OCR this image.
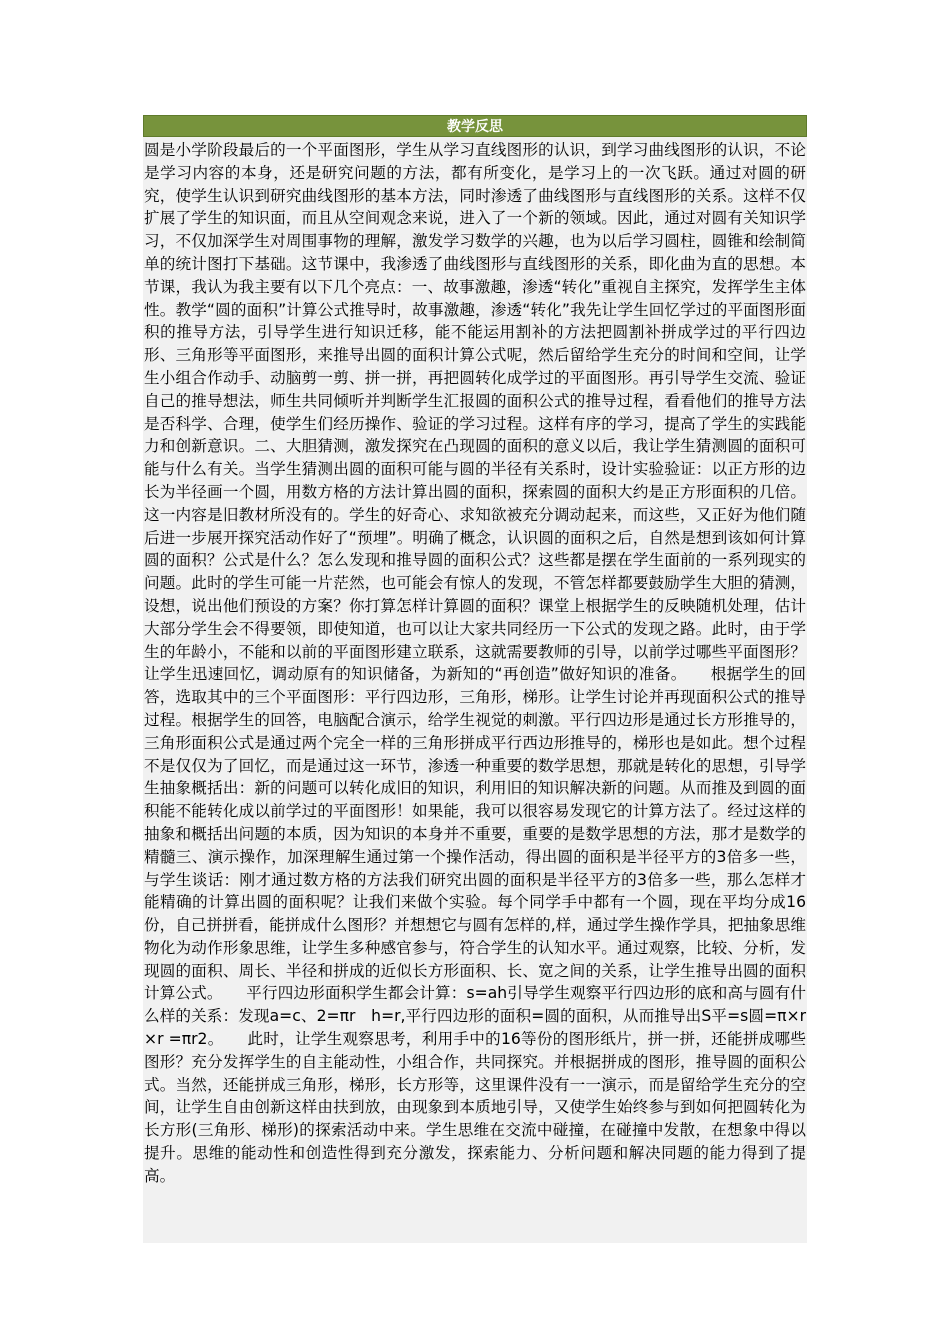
教学反思

圆是小学阶段最后的一个平面图形，学生从学习直线图形的认识，到学习曲线图形的认识，不论是学习内容的本身，还是研究问题的方法，都有所变化，是学习上的一次飞跃。通过对圆的研究，使学生认识到研究曲线图形的基本方法，同时渗透了曲线图形与直线图形的关系。这样不仅扩展了学生的知识面，而且从空间观念来说，进入了一个新的领域。因此，通过对圆有关知识学习，不仅加深学生对周围事物的理解，激发学习数学的兴趣，也为以后学习圆柱，圆锥和绘制简单的统计图打下基础。这节课中，我渗透了曲线图形与直线图形的关系，即化曲为直的思想。本节课，我认为我主要有以下几个亮点：一、故事激趣，渗透“转化”重视自主探究，发挥学生主体性。教学“圆的面积”计算公式推导时，故事激趣，渗透“转化”我先让学生回忆学过的平面图形面积的推导方法，引导学生进行知识迁移，能不能运用割补的方法把圆割补拼成学过的平行四边形、三角形等平面图形，来推导出圆的面积计算公式呢，然后留给学生充分的时间和空间，让学生小组合作动手、动脑剪一剪、拼一拼，再把圆转化成学过的平面图形。再引导学生交流、验证自己的推导想法，师生共同倾听并判断学生汇报圆的面积公式的推导过程，看看他们的推导方法是否科学、合理，使学生们经历操作、验证的学习过程。这样有序的学习，提高了学生的实践能力和创新意识。二、大胆猜测，激发探究在凸现圆的面积的意义以后，我让学生猜测圆的面积可能与什么有关。当学生猜测出圆的面积可能与圆的半径有关系时，设计实验验证：以正方形的边长为半径画一个圆，用数方格的方法计算出圆的面积，探索圆的面积大约是正方形面积的几倍。这一内容是旧教材所没有的。学生的好奇心、求知欲被充分调动起来，而这些，又正好为他们随后进一步展开探究活动作好了“预埋”。明确了概念，认识圆的面积之后，自然是想到该如何计算圆的面积？公式是什么？怎么发现和推导圆的面积公式？这些都是摆在学生面前的一系列现实的问题。此时的学生可能一片茫然，也可能会有惊人的发现，不管怎样都要鼓励学生大胆的猜测，设想，说出他们预设的方案？你打算怎样计算圆的面积？课堂上根据学生的反映随机处理，估计大部分学生会不得要领，即使知道，也可以让大家共同经历一下公式的发现之路。此时，由于学生的年龄小，不能和以前的平面图形建立联系，这就需要教师的引导，以前学过哪些平面图形？让学生迅速回忆，调动原有的知识储备，为新知的“再创造”做好知识的准备。　　根据学生的回答，选取其中的三个平面图形：平行四边形，三角形，梯形。让学生讨论并再现面积公式的推导过程。根据学生的回答，电脑配合演示，给学生视觉的刺激。平行四边形是通过长方形推导的，三角形面积公式是通过两个完全一样的三角形拼成平行西边形推导的，梯形也是如此。想个过程不是仅仅为了回忆，而是通过这一环节，渗透一种重要的数学思想，那就是转化的思想，引导学生抽象概括出：新的问题可以转化成旧的知识，利用旧的知识解决新的问题。从而推及到圆的面积能不能转化成以前学过的平面图形！如果能，我可以很容易发现它的计算方法了。经过这样的抽象和概括出问题的本质，因为知识的本身并不重要，重要的是数学思想的方法，那才是数学的精髓三、演示操作，加深理解生通过第一个操作活动，得出圆的面积是半径平方的3倍多一些，与学生谈话：刚才通过数方格的方法我们研究出圆的面积是半径平方的3倍多一些，那么怎样才能精确的计算出圆的面积呢？让我们来做个实验。每个同学手中都有一个圆，现在平均分成16份，自己拼拼看，能拼成什么图形？并想想它与圆有怎样的,样，通过学生操作学具，把抽象思维物化为动作形象思维，让学生多种感官参与，符合学生的认知水平。通过观察，比较、分析，发现圆的面积、周长、半径和拼成的近似长方形面积、长、宽之间的关系，让学生推导出圆的面积计算公式。　　平行四边形面积学生都会计算：s=ah引导学生观察平行四边形的底和高与圆有什么样的关系：发现a=c、2=πr　h=r,平行四边形的面积=圆的面积，从而推导出S平=s圆=π×r×r =πr2。　　此时，让学生观察思考，利用手中的16等份的图形纸片，拼一拼，还能拼成哪些图形？充分发挥学生的自主能动性，小组合作，共同探究。并根据拼成的图形，推导圆的面积公式。当然，还能拼成三角形，梯形，长方形等，这里课件没有一一演示，而是留给学生充分的空间，让学生自由创新这样由扶到放，由现象到本质地引导，又使学生始终参与到如何把圆转化为长方形(三角形、梯形)的探索活动中来。学生思维在交流中碰撞，在碰撞中发散，在想象中得以提升。思维的能动性和创造性得到充分激发，探索能力、分析问题和解决同题的能力得到了提高。
